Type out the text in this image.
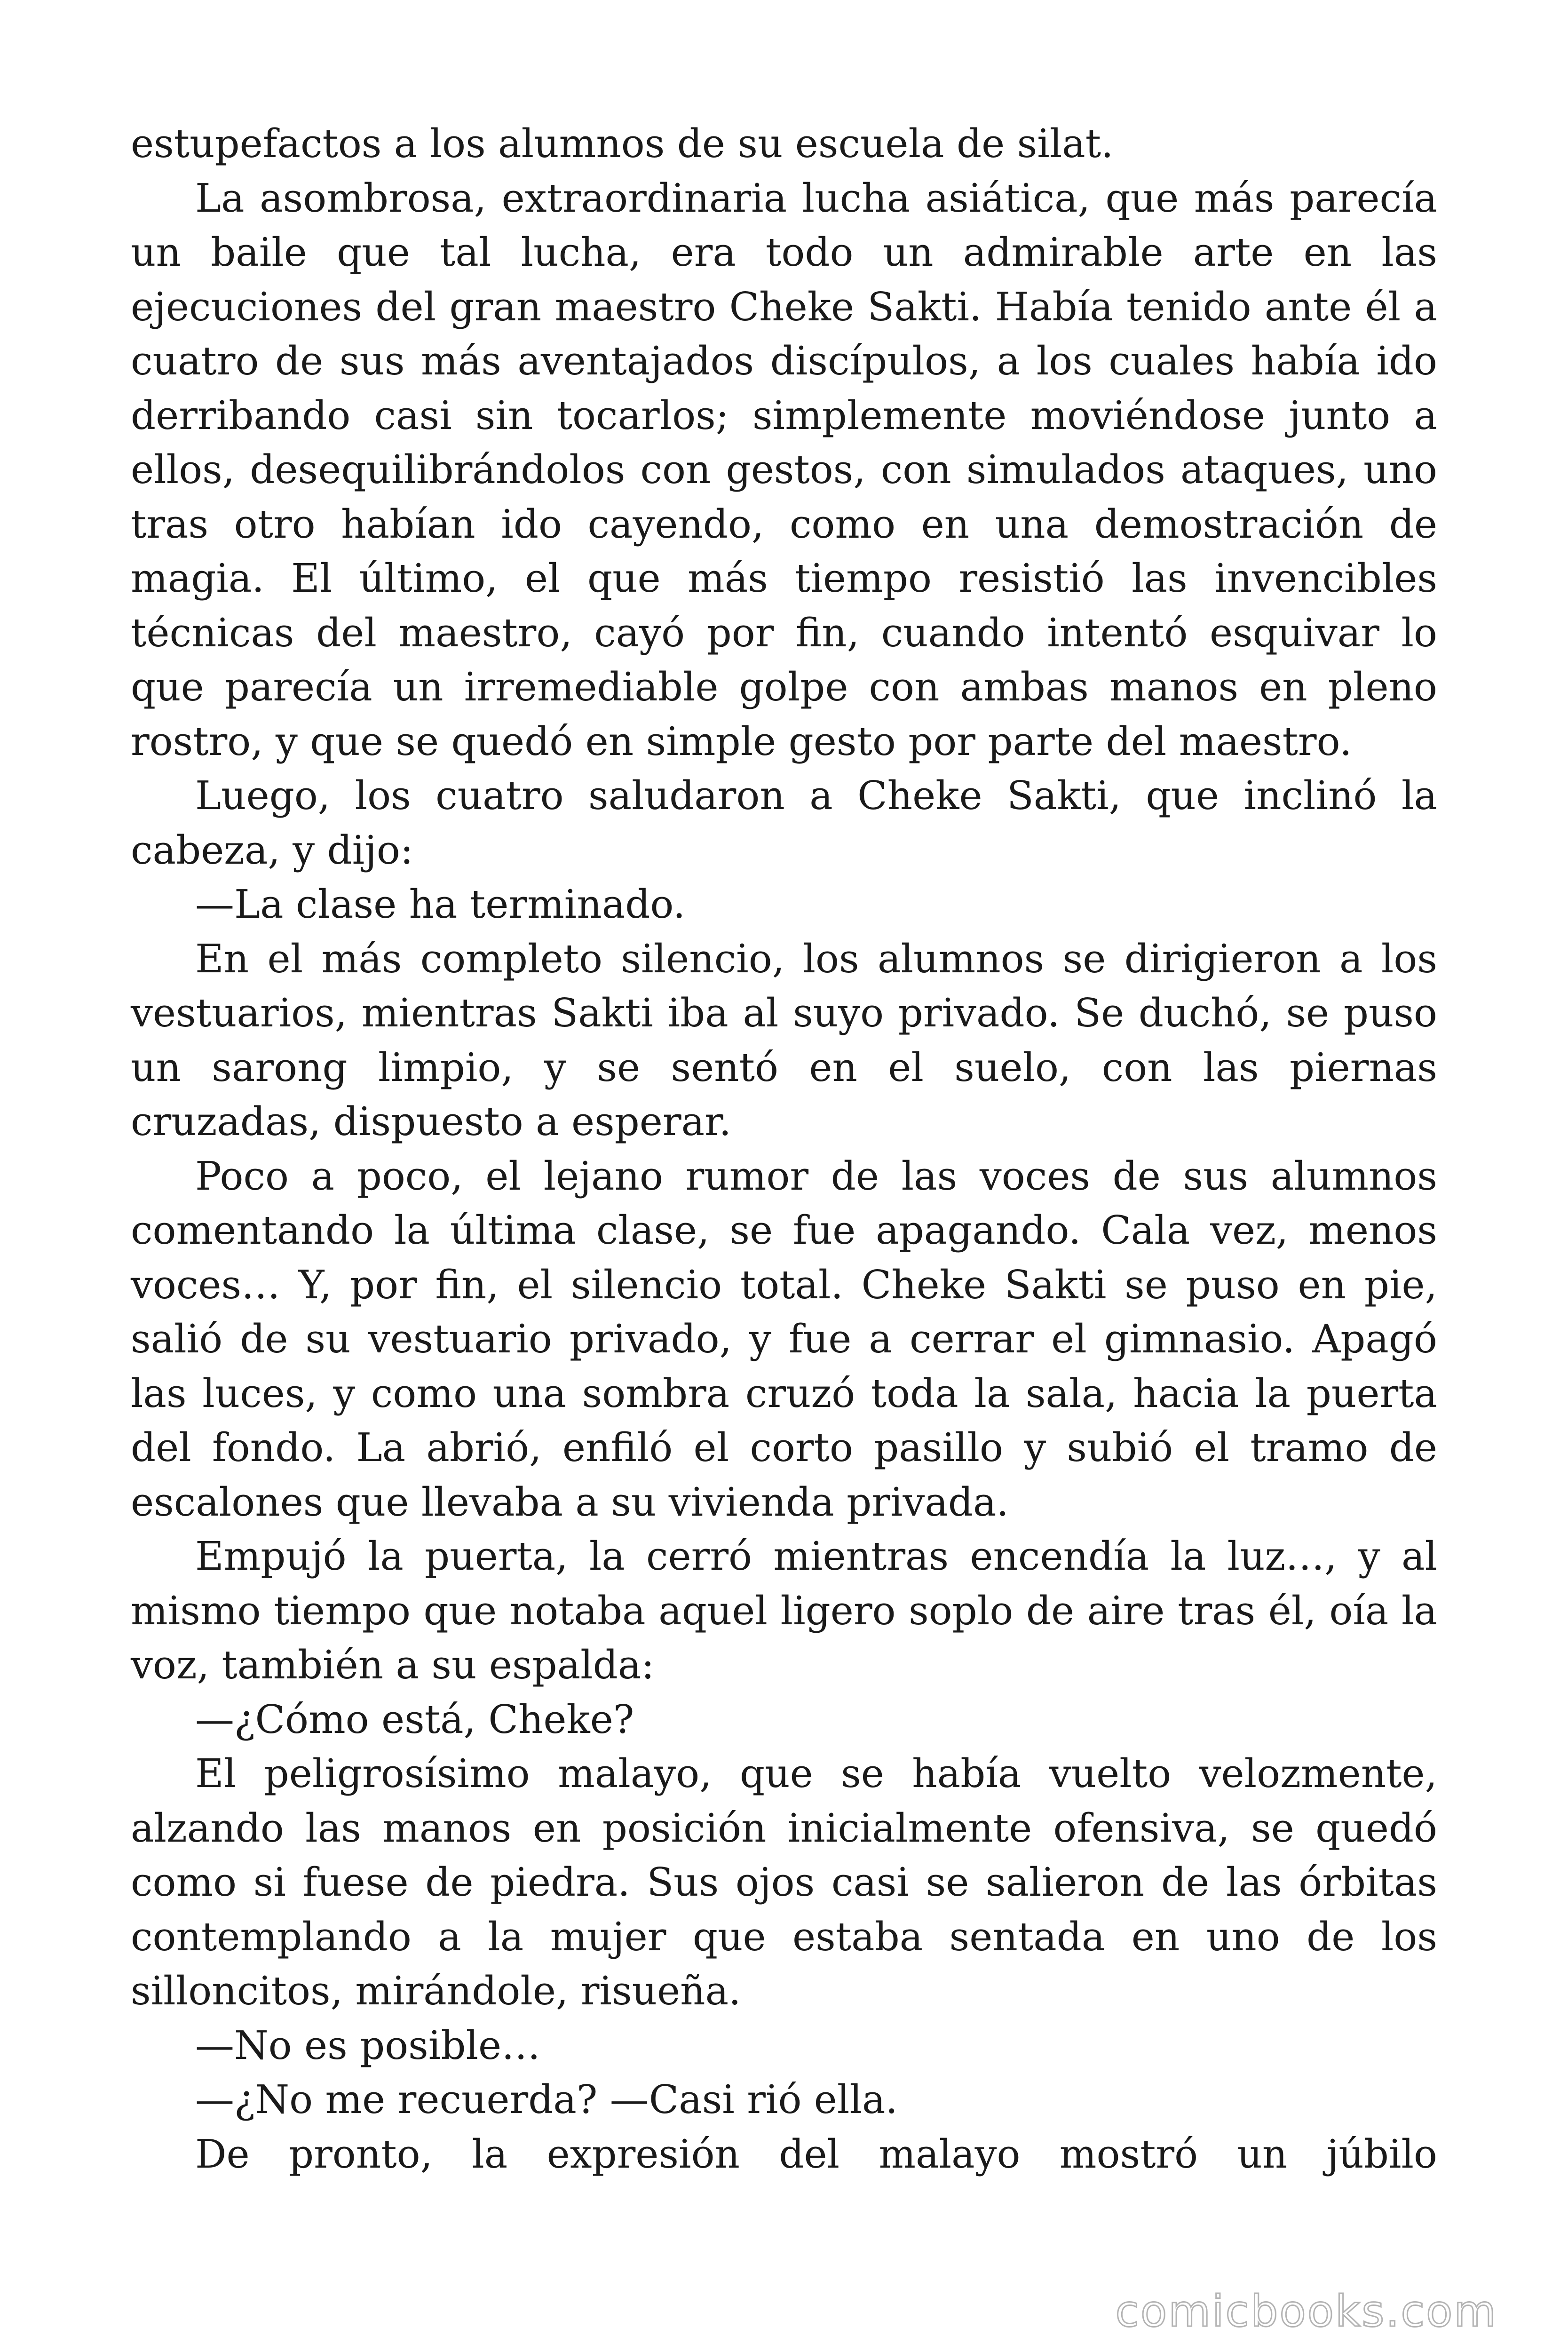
estupefactos a los alumnos de su escuela de silat.

La asombrosa, extraordinaria lucha asiática, que más parecía un baile que tal lucha, era todo un admirable arte en las ejecuciones del gran maestro Cheke Sakti. Había tenido ante él a cuatro de sus más aventajados discípulos, a los cuales había ido derribando casi sin tocarlos; simplemente moviéndose junto a ellos, desequilibrándolos con gestos, con simulados ataques, uno tras otro habían ido cayendo, como en una demostración de magia. El último, el que más tiempo resistió las invencibles técnicas del maestro, cayó por fin, cuando intentó esquivar lo que parecía un irremediable golpe con ambas manos en pleno rostro, y que se quedó en simple gesto por parte del maestro.

Luego, los cuatro saludaron a Cheke Sakti, que inclinó la cabeza, y dijo:

—La clase ha terminado.

En el más completo silencio, los alumnos se dirigieron a los vestuarios, mientras Sakti iba al suyo privado. Se duchó, se puso un sarong limpio, y se sentó en el suelo, con las piernas cruzadas, dispuesto a esperar.

Poco a poco, el lejano rumor de las voces de sus alumnos comentando la última clase, se fue apagando. Cala vez, menos voces… Y, por fin, el silencio total. Cheke Sakti se puso en pie, salió de su vestuario privado, y fue a cerrar el gimnasio. Apagó las luces, y como una sombra cruzó toda la sala, hacia la puerta del fondo. La abrió, enfiló el corto pasillo y subió el tramo de escalones que llevaba a su vivienda privada.

Empujó la puerta, la cerró mientras encendía la luz…, y al mismo tiempo que notaba aquel ligero soplo de aire tras él, oía la voz, también a su espalda:

—¿Cómo está, Cheke?

El peligrosísimo malayo, que se había vuelto velozmente, alzando las manos en posición inicialmente ofensiva, se quedó como si fuese de piedra. Sus ojos casi se salieron de las órbitas contemplando a la mujer que estaba sentada en uno de los silloncitos, mirándole, risueña.

—No es posible…

—¿No me recuerda? —Casi rió ella.

De pronto, la expresión del malayo mostró un júbilo

comicbooks.com
